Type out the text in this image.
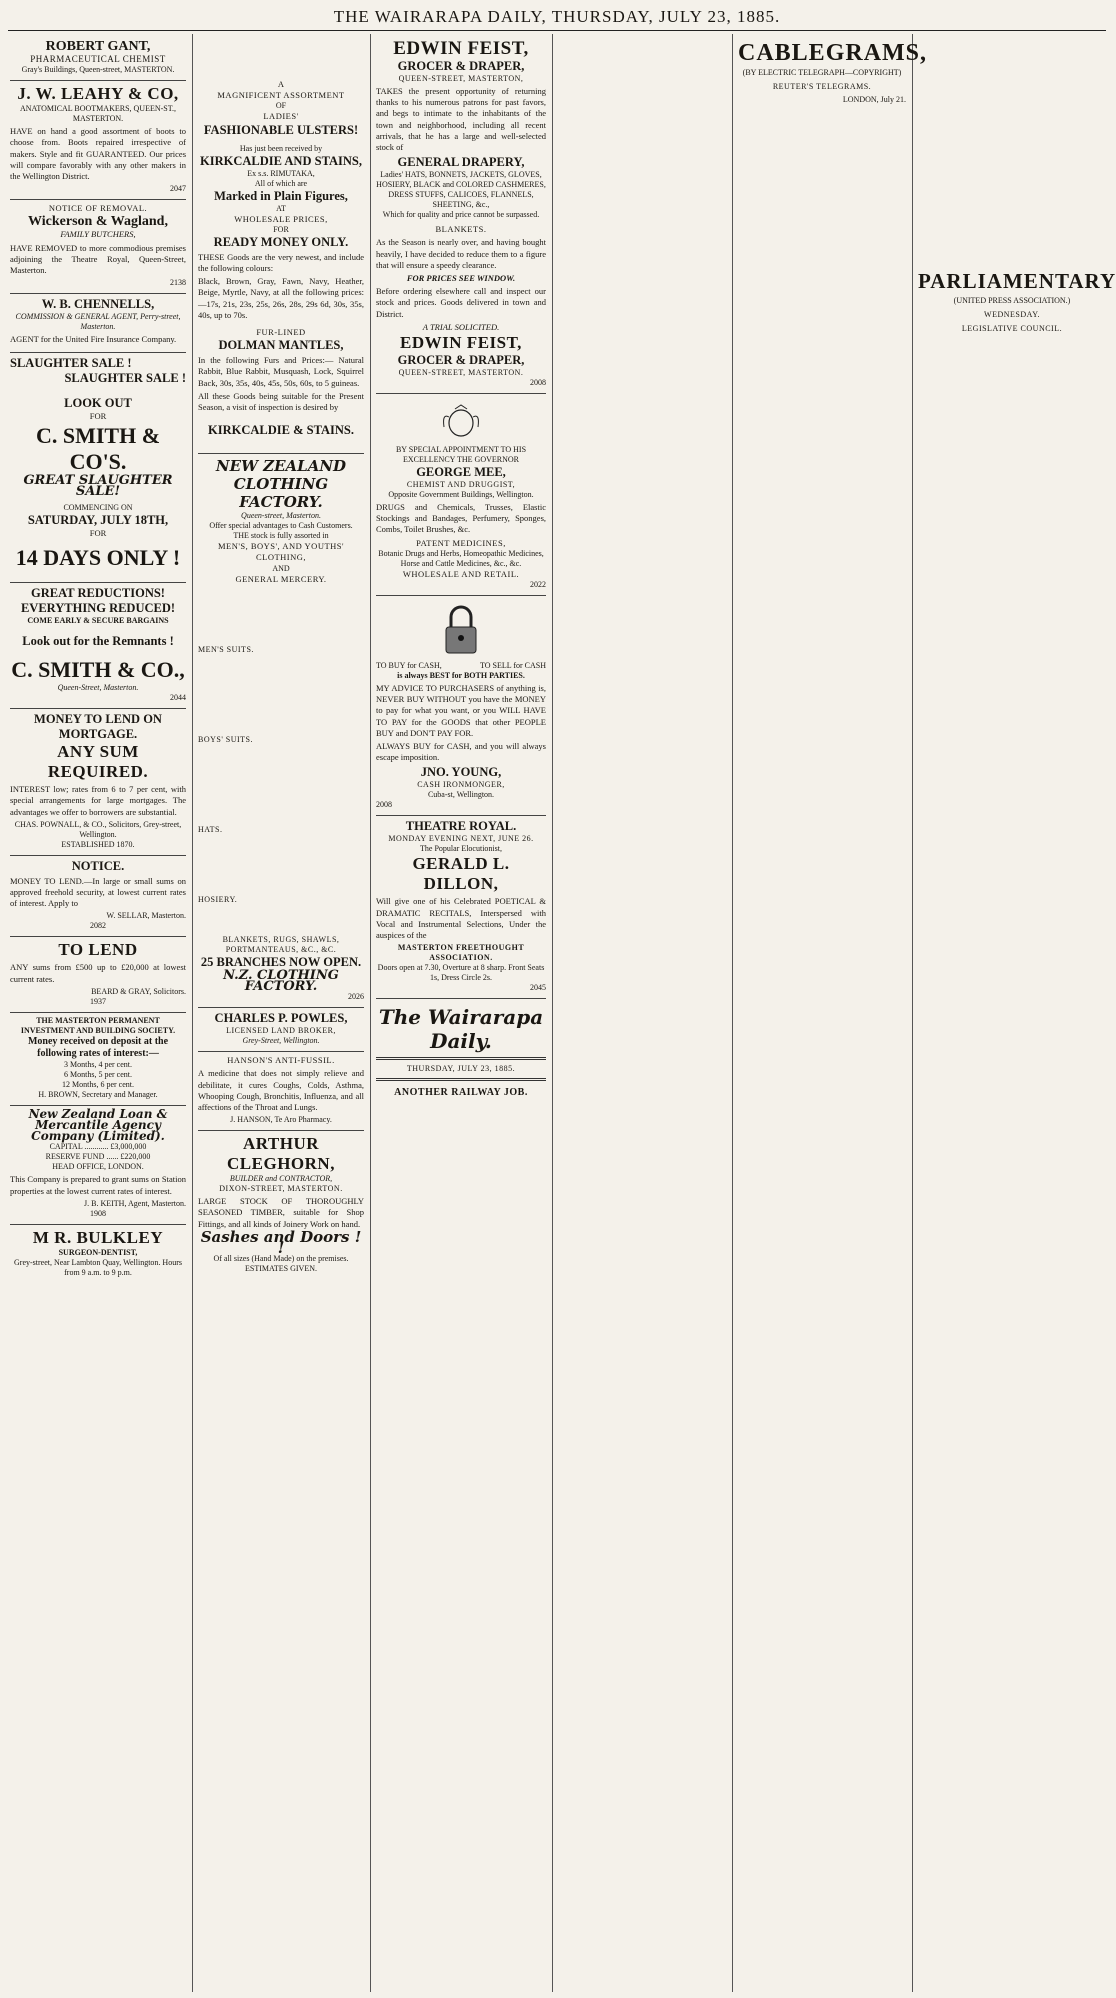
THE WAIRARAPA DAILY, THURSDAY, JULY 23, 1885.
ROBERT GANT,
PHARMACEUTICAL CHEMIST
Gray's Buildings, Queen-street, MASTERTON.
J. W. LEAHY & CO,
ANATOMICAL BOOTMAKERS, QUEEN-ST., MASTERTON.

HAVE on hand a good assortment of boots to choose from. Boots repaired irrespective of makers. Style and fit GUARANTEED. Our prices will compare favorably with any other makers in the Wellington District.

2047
NOTICE OF REMOVAL.
Wickerson & Wagland,
FAMILY BUTCHERS,

HAVE REMOVED to more commodious premises adjoining the Theatre Royal, Queen-Street, Masterton.

2138
W. B. CHENNELLS,
COMMISSION & GENERAL AGENT, Perry-street, Masterton.

AGENT for the United Fire Insurance Company.

SLAUGHTER SALE !
SLAUGHTER SALE !
LOOK OUT
FOR
C. SMITH & CO'S.
GREAT SLAUGHTER SALE!
COMMENCING ON
SATURDAY, JULY 18TH,
FOR
14 DAYS ONLY !
GREAT REDUCTIONS!
EVERYTHING REDUCED!
COME EARLY & SECURE BARGAINS
Look out for the Remnants !
C. SMITH & CO.,
Queen-Street, Masterton.
2044
MONEY TO LEND ON MORTGAGE.
ANY SUM REQUIRED.

INTEREST low; rates from 6 to 7 per cent, with special arrangements for large mortgages. The advantages we offer to borrowers are substantial.

CHAS. POWNALL, & CO., Solicitors, Grey-street, Wellington.
ESTABLISHED 1870.
NOTICE.

MONEY TO LEND.—In large or small sums on approved freehold security, at lowest current rates of interest. Apply to

W. SELLAR, Masterton.
2082
TO LEND

ANY sums from £500 up to £20,000 at lowest current rates.

BEARD & GRAY, Solicitors.
1937
THE MASTERTON PERMANENT INVESTMENT AND BUILDING SOCIETY.
Money received on deposit at the following rates of interest:—
3 Months, 4 per cent.
6 Months, 5 per cent.
12 Months, 6 per cent.
H. BROWN, Secretary and Manager.
New Zealand Loan & Mercantile Agency Company (Limited).
CAPITAL ............ £3,000,000
RESERVE FUND ...... £220,000
HEAD OFFICE, LONDON.

This Company is prepared to grant sums on Station properties at the lowest current rates of interest.

J. B. KEITH, Agent, Masterton.
1908
M R. BULKLEY
SURGEON-DENTIST,
Grey-street, Near Lambton Quay, Wellington. Hours from 9 a.m. to 9 p.m.
A
MAGNIFICENT ASSORTMENT
OF
LADIES'
FASHIONABLE ULSTERS!
Has just been received by
KIRKCALDIE AND STAINS,
Ex s.s. RIMUTAKA,
All of which are
Marked in Plain Figures,
AT
WHOLESALE PRICES,
FOR
READY MONEY ONLY.

THESE Goods are the very newest, and include the following colours:

Black, Brown, Gray, Fawn, Navy, Heather, Beige, Myrtle, Navy, at all the following prices:—17s, 21s, 23s, 25s, 26s, 28s, 29s 6d, 30s, 35s, 40s, up to 70s.

FUR-LINED
DOLMAN MANTLES,

In the following Furs and Prices:— Natural Rabbit, Blue Rabbit, Musquash, Lock, Squirrel Back, 30s, 35s, 40s, 45s, 50s, 60s, to 5 guineas.

All these Goods being suitable for the Present Season, a visit of inspection is desired by

KIRKCALDIE & STAINS.
NEW ZEALAND CLOTHING FACTORY.
Queen-street, Masterton.
Offer special advantages to Cash Customers.
THE stock is fully assorted in
MEN'S, BOYS', AND YOUTHS' CLOTHING,
AND
GENERAL MERCERY.
MEN'S SUITS.
BOYS' SUITS.
HATS.
HOSIERY.
BLANKETS, RUGS, SHAWLS, PORTMANTEAUS, &C., &C.
25 BRANCHES NOW OPEN.
N.Z. CLOTHING FACTORY.
2026
CHARLES P. POWLES,
LICENSED LAND BROKER,
Grey-Street, Wellington.
HANSON'S ANTI-FUSSIL.

A medicine that does not simply relieve and debilitate, it cures Coughs, Colds, Asthma, Whooping Cough, Bronchitis, Influenza, and all affections of the Throat and Lungs.

J. HANSON, Te Aro Pharmacy.
ARTHUR CLEGHORN,
BUILDER and CONTRACTOR,
DIXON-STREET, MASTERTON.

LARGE STOCK OF THOROUGHLY SEASONED TIMBER, suitable for Shop Fittings, and all kinds of Joinery Work on hand.

Sashes and Doors ! !
Of all sizes (Hand Made) on the premises. ESTIMATES GIVEN.
EDWIN FEIST,
GROCER & DRAPER,
QUEEN-STREET, MASTERTON,

TAKES the present opportunity of returning thanks to his numerous patrons for past favors, and begs to intimate to the inhabitants of the town and neighborhood, including all recent arrivals, that he has a large and well-selected stock of

GENERAL DRAPERY,
Ladies' HATS, BONNETS, JACKETS, GLOVES, HOSIERY, BLACK and COLORED CASHMERES, DRESS STUFFS, CALICOES, FLANNELS, SHEETING, &c.,
Which for quality and price cannot be surpassed.
BLANKETS.

As the Season is nearly over, and having bought heavily, I have decided to reduce them to a figure that will ensure a speedy clearance.

FOR PRICES SEE WINDOW.

Before ordering elsewhere call and inspect our stock and prices. Goods delivered in town and District.

A TRIAL SOLICITED.
EDWIN FEIST,
GROCER & DRAPER,
QUEEN-STREET, MASTERTON.
2008
BY SPECIAL APPOINTMENT TO HIS EXCELLENCY THE GOVERNOR
GEORGE MEE,
CHEMIST AND DRUGGIST,
Opposite Government Buildings, Wellington.

DRUGS and Chemicals, Trusses, Elastic Stockings and Bandages, Perfumery, Sponges, Combs, Toilet Brushes, &c.

PATENT MEDICINES,
Botanic Drugs and Herbs, Homeopathic Medicines, Horse and Cattle Medicines, &c., &c.
WHOLESALE AND RETAIL.
2022
TO BUY for CASH,	TO SELL for CASH
is always BEST for BOTH PARTIES.

MY ADVICE TO PURCHASERS of anything is, NEVER BUY WITHOUT you have the MONEY to pay for what you want, or you WILL HAVE TO PAY for the GOODS that other PEOPLE BUY and DON'T PAY FOR.

ALWAYS BUY for CASH, and you will always escape imposition.

JNO. YOUNG,
CASH IRONMONGER,
Cuba-st, Wellington.
2008
THEATRE ROYAL.
MONDAY EVENING NEXT, JUNE 26.
The Popular Elocutionist,
GERALD L. DILLON,

Will give one of his Celebrated POETICAL & DRAMATIC RECITALS, Interspersed with Vocal and Instrumental Selections, Under the auspices of the

MASTERTON FREETHOUGHT ASSOCIATION.
Doors open at 7.30, Overture at 8 sharp. Front Seats 1s, Dress Circle 2s.
2045
The Wairarapa Daily.
THURSDAY, JULY 23, 1885.
ANOTHER RAILWAY JOB.
CABLEGRAMS,
(BY ELECTRIC TELEGRAPH—COPYRIGHT)
REUTER'S TELEGRAMS.
LONDON, July 21.
PARLIAMENTARY
(UNITED PRESS ASSOCIATION.)
WEDNESDAY.
LEGISLATIVE COUNCIL.
